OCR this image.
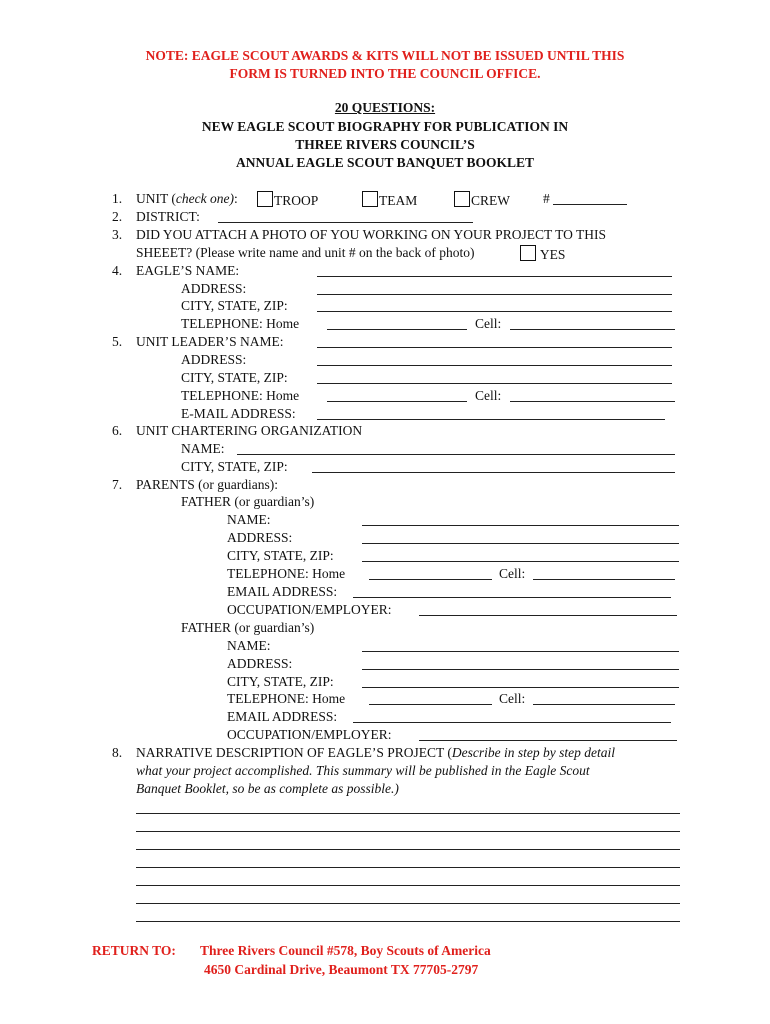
NOTE: EAGLE SCOUT AWARDS & KITS WILL NOT BE ISSUED UNTIL THIS
FORM IS TURNED INTO THE COUNCIL OFFICE.
20 QUESTIONS:
NEW EAGLE SCOUT BIOGRAPHY FOR PUBLICATION IN
THREE RIVERS COUNCIL’S
ANNUAL EAGLE SCOUT BANQUET BOOKLET
1. UNIT (check one):	TROOP	TEAM	CREW #
2. DISTRICT:
3. DID YOU ATTACH A PHOTO OF YOU WORKING ON YOUR PROJECT TO THIS
SHEEET? (Please write name and unit # on the back of photo)	YES
4. EAGLE’S NAME:
ADDRESS:
CITY, STATE, ZIP:
TELEPHONE: Home	Cell:
5. UNIT LEADER’S NAME:
ADDRESS:
CITY, STATE, ZIP:
TELEPHONE: Home	Cell:
E-MAIL ADDRESS:
6. UNIT CHARTERING ORGANIZATION
NAME:
CITY, STATE, ZIP:
7. PARENTS (or guardians):
FATHER (or guardian’s)
NAME:
ADDRESS:
CITY, STATE, ZIP:
TELEPHONE: Home	Cell:
EMAIL ADDRESS:
OCCUPATION/EMPLOYER:
FATHER (or guardian’s)
NAME:
ADDRESS:
CITY, STATE, ZIP:
TELEPHONE: Home	Cell:
EMAIL ADDRESS:
OCCUPATION/EMPLOYER:
8. NARRATIVE DESCRIPTION OF EAGLE’S PROJECT (Describe in step by step detail
what your project accomplished. This summary will be published in the Eagle Scout
Banquet Booklet, so be as complete as possible.)
RETURN TO: Three Rivers Council #578, Boy Scouts of America
4650 Cardinal Drive, Beaumont TX 77705-2797
